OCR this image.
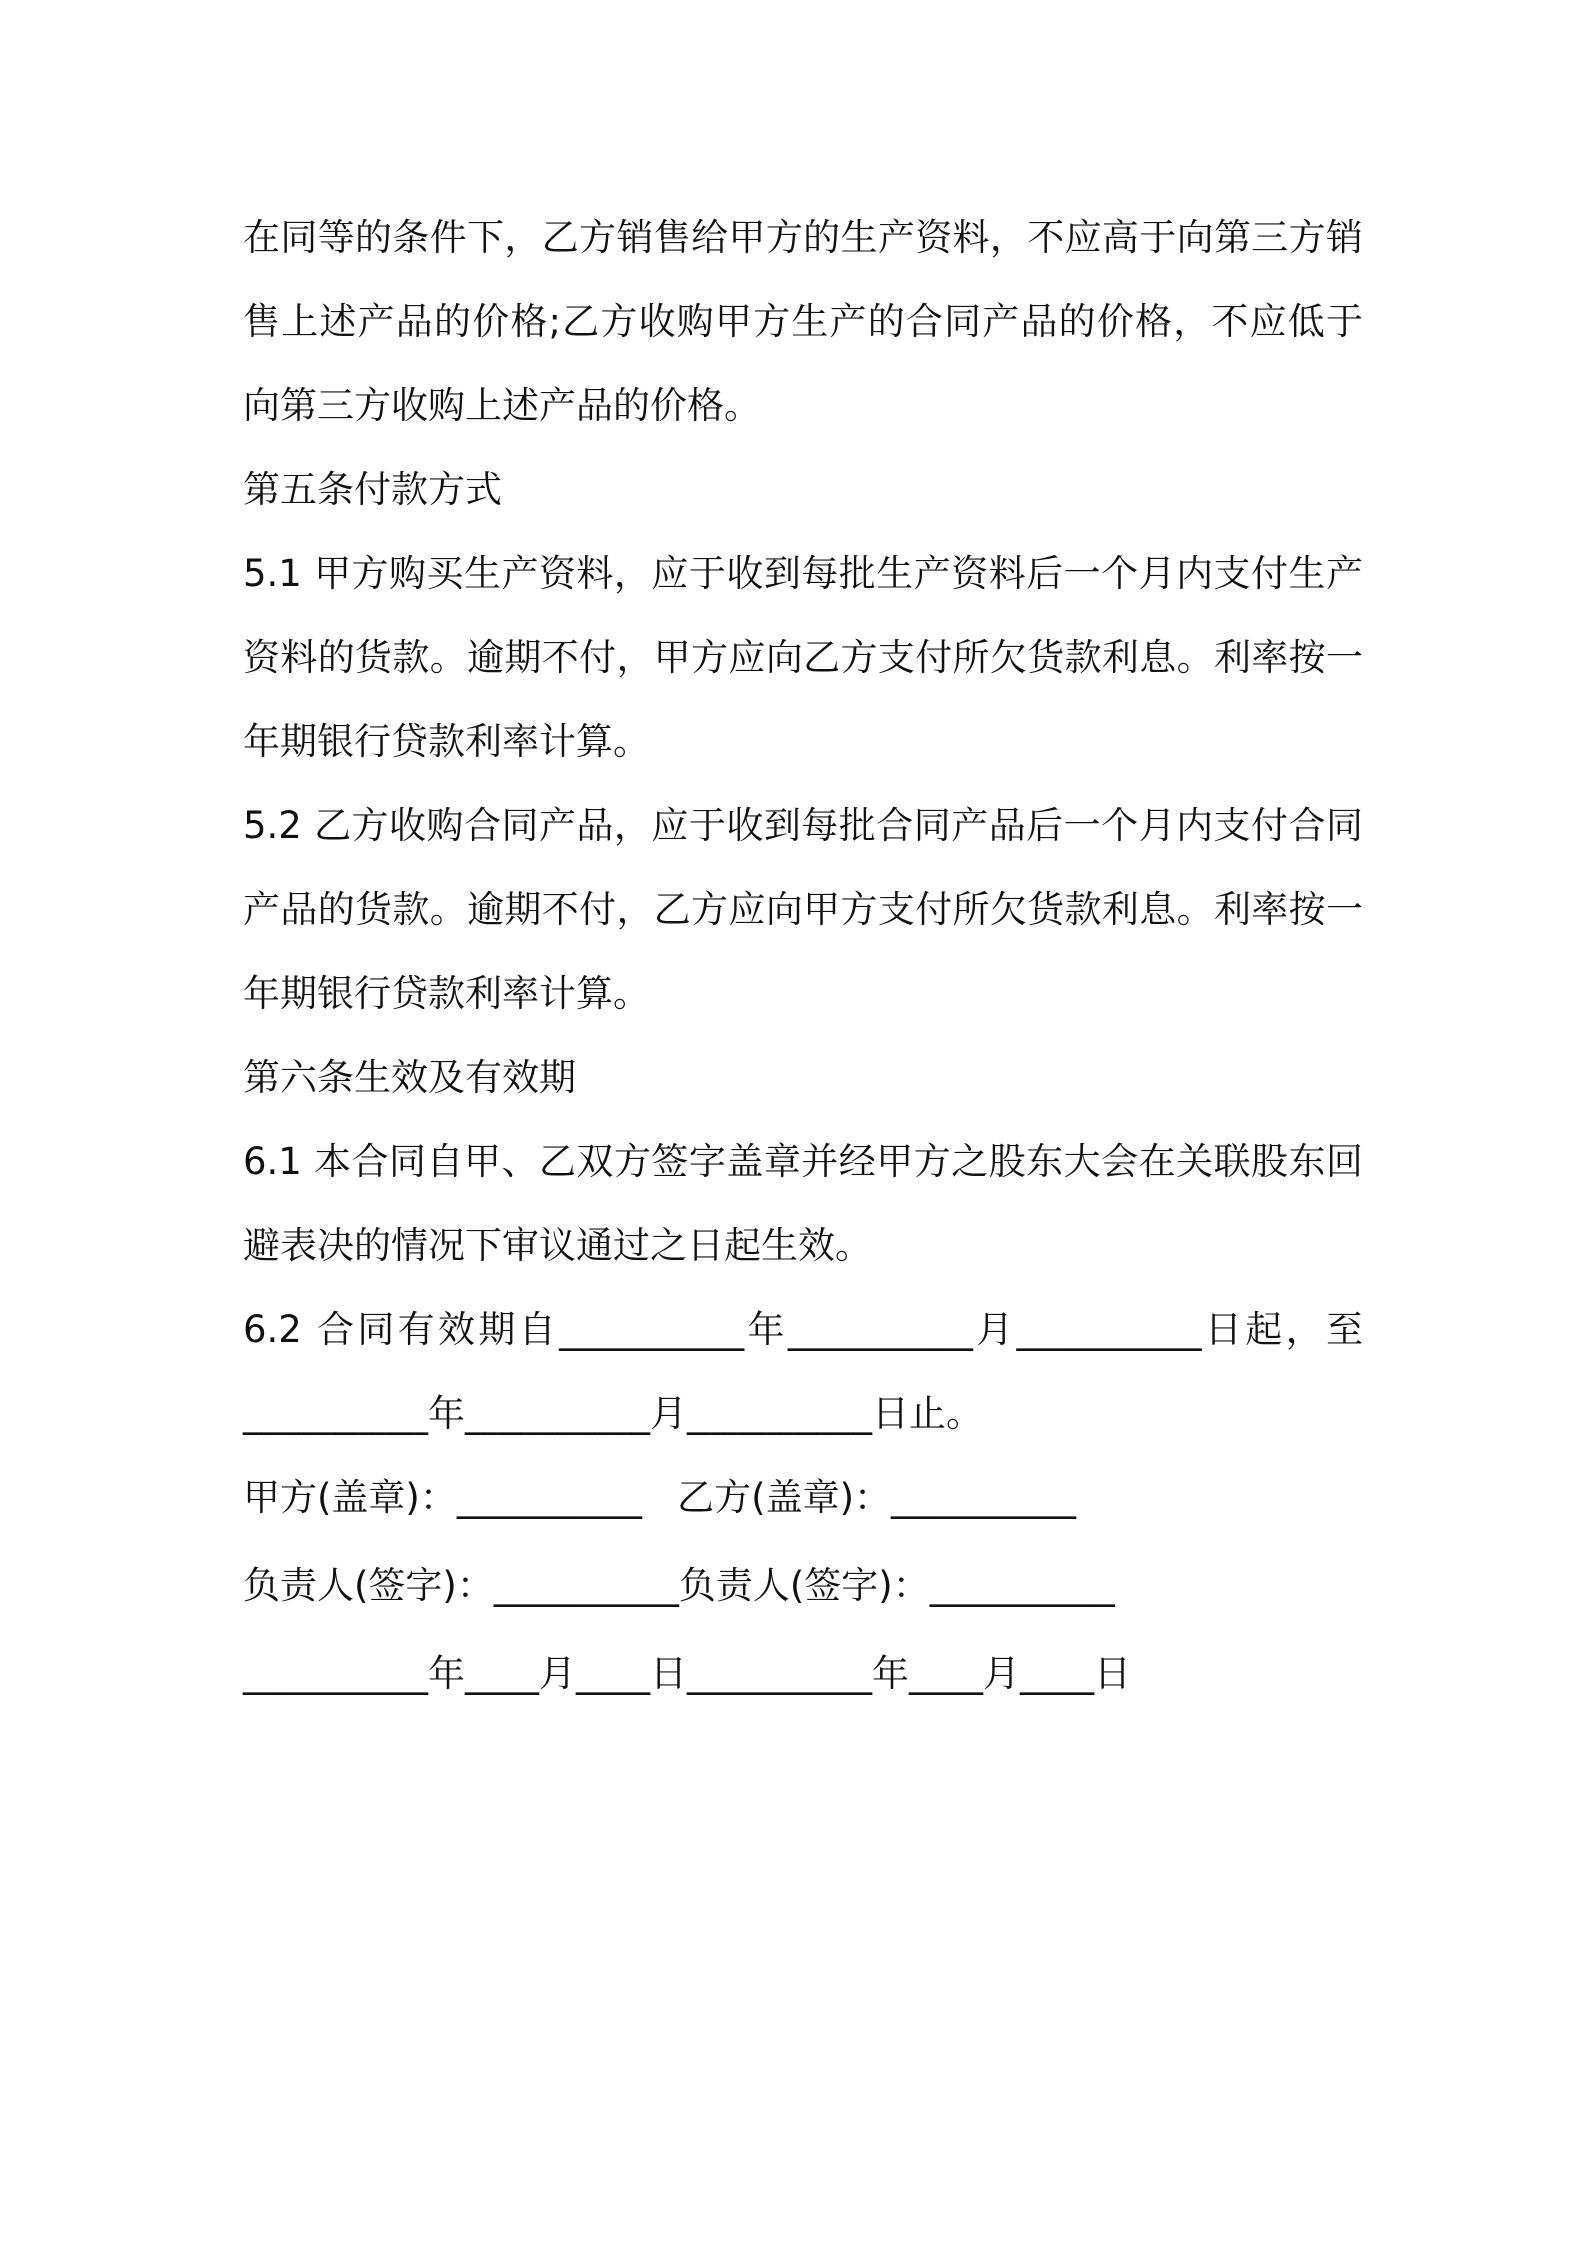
在同等的条件下，乙方销售给甲方的生产资料，不应高于向第三方销
售上述产品的价格;乙方收购甲方生产的合同产品的价格，不应低于
向第三方收购上述产品的价格。
第五条付款方式
5.1 甲方购买生产资料，应于收到每批生产资料后一个月内支付生产
资料的货款。逾期不付，甲方应向乙方支付所欠货款利息。利率按一
年期银行贷款利率计算。
5.2 乙方收购合同产品，应于收到每批合同产品后一个月内支付合同
产品的货款。逾期不付，乙方应向甲方支付所欠货款利息。利率按一
年期银行贷款利率计算。
第六条生效及有效期
6.1 本合同自甲、乙双方签字盖章并经甲方之股东大会在关联股东回
避表决的情况下审议通过之日起生效。
6.2 合同有效期自__________年__________月__________日起，至
__________年__________月__________日止。
甲方(盖章)：__________   乙方(盖章)：__________
负责人(签字)：__________负责人(签字)：__________
__________年____月____日__________年____月____日
